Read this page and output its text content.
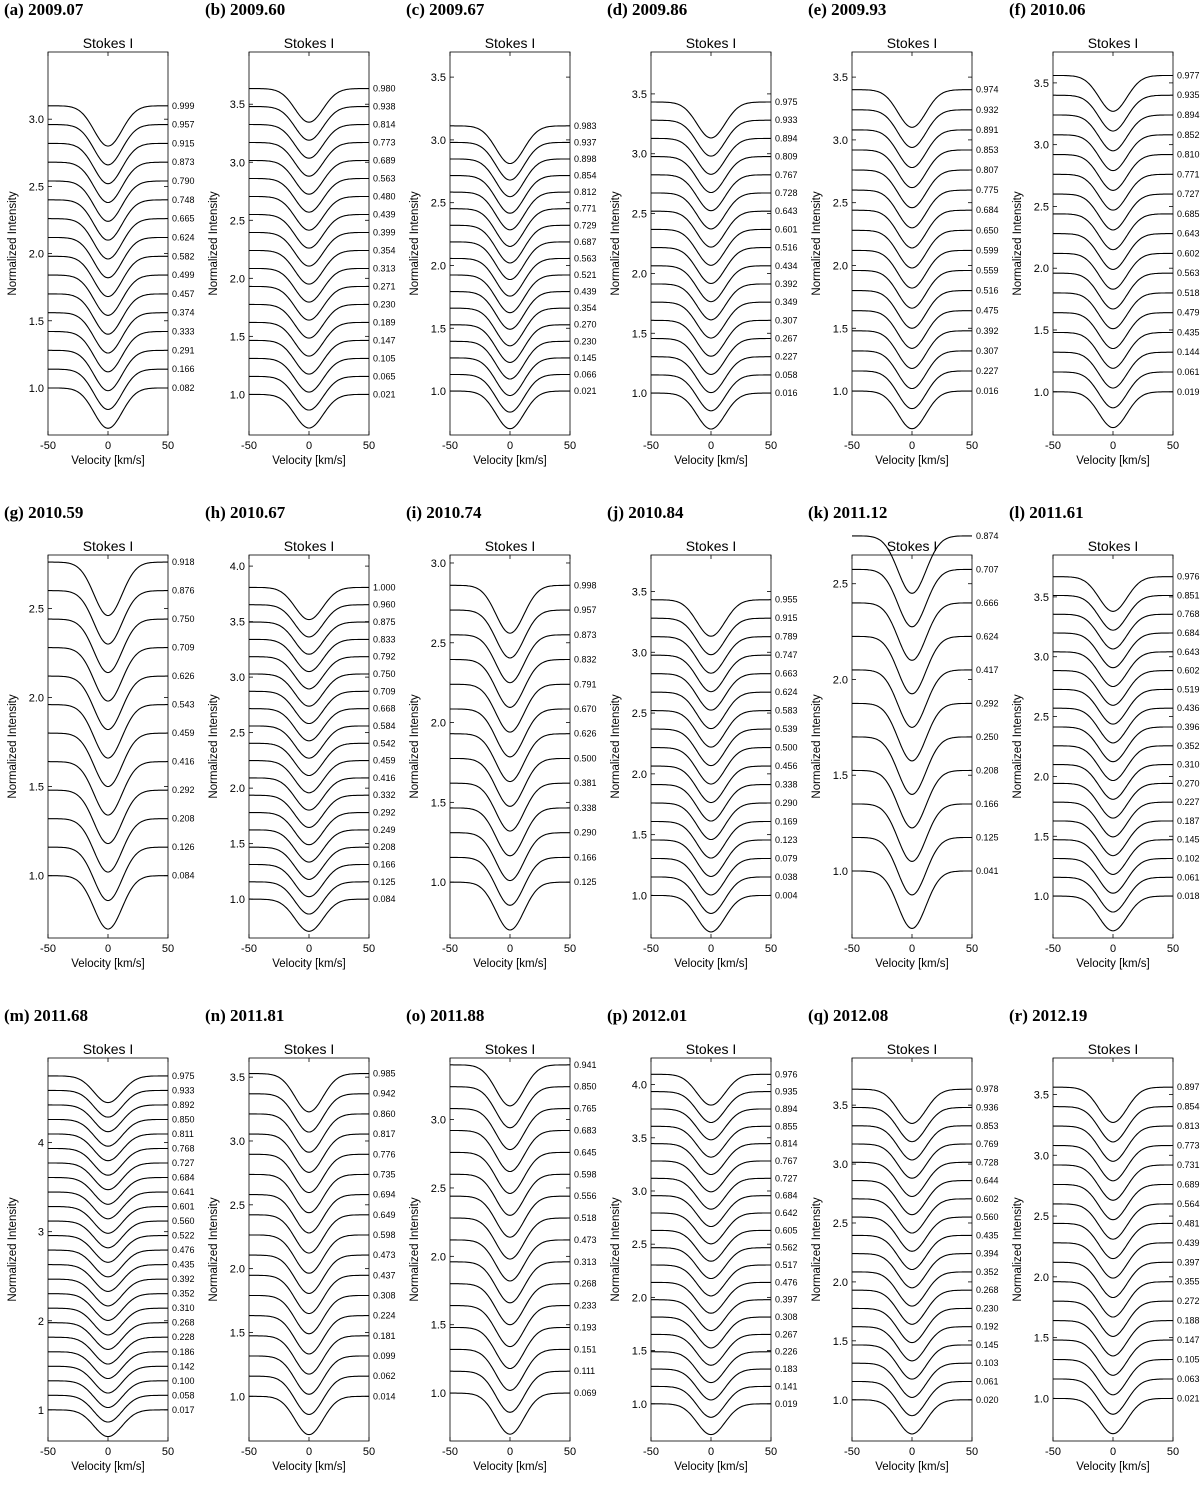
(a) 2009.07
Stokes I
0.999
0.957
0.915
0.873
0.790
0.748
0.665
0.624
0.582
0.499
0.457
0.374
0.333
0.291
0.166
0.082
1.0
1.5
2.0
2.5
3.0
-50	0	50
Velocity [km/s]
Normalized Intensity
(b) 2009.60
Stokes I
0.980
0.938
0.814
0.773
0.689
0.563
0.480
0.439
0.399
0.354
0.313
0.271
0.230
0.189
0.147
0.105
0.065
0.021
1.0
1.5
2.0
2.5
3.0
3.5
-50	0	50
Velocity [km/s]
Normalized Intensity
(c) 2009.67
Stokes I
0.983
0.937
0.898
0.854
0.812
0.771
0.729
0.687
0.563
0.521
0.439
0.354
0.270
0.230
0.145
0.066
0.021
1.0
1.5
2.0
2.5
3.0
3.5
-50	0	50
Velocity [km/s]
Normalized Intensity
(d) 2009.86
Stokes I
0.975
0.933
0.894
0.809
0.767
0.728
0.643
0.601
0.516
0.434
0.392
0.349
0.307
0.267
0.227
0.058
0.016
1.0
1.5
2.0
2.5
3.0
3.5
-50	0	50
Velocity [km/s]
Normalized Intensity
(e) 2009.93
Stokes I
0.974
0.932
0.891
0.853
0.807
0.775
0.684
0.650
0.599
0.559
0.516
0.475
0.392
0.307
0.227
0.016
1.0
1.5
2.0
2.5
3.0
3.5
-50	0	50
Velocity [km/s]
Normalized Intensity
(f) 2010.06
Stokes I
0.977
0.935
0.894
0.852
0.810
0.771
0.727
0.685
0.643
0.602
0.563
0.518
0.479
0.435
0.144
0.061
0.019
1.0
1.5
2.0
2.5
3.0
3.5
-50	0	50
Velocity [km/s]
Normalized Intensity
(g) 2010.59
Stokes I
0.918
0.876
0.750
0.709
0.626
0.543
0.459
0.416
0.292
0.208
0.126
0.084
1.0
1.5
2.0
2.5
-50	0	50
Velocity [km/s]
Normalized Intensity
(h) 2010.67
Stokes I
1.000
0.960
0.875
0.833
0.792
0.750
0.709
0.668
0.584
0.542
0.459
0.416
0.332
0.292
0.249
0.208
0.166
0.125
0.084
1.0
1.5
2.0
2.5
3.0
3.5
4.0
-50	0	50
Velocity [km/s]
Normalized Intensity
(i) 2010.74
Stokes I
0.998
0.957
0.873
0.832
0.791
0.670
0.626
0.500
0.381
0.338
0.290
0.166
0.125
1.0
1.5
2.0
2.5
3.0
-50	0	50
Velocity [km/s]
Normalized Intensity
(j) 2010.84
Stokes I
0.955
0.915
0.789
0.747
0.663
0.624
0.583
0.539
0.500
0.456
0.338
0.290
0.169
0.123
0.079
0.038
0.004
1.0
1.5
2.0
2.5
3.0
3.5
-50	0	50
Velocity [km/s]
Normalized Intensity
(k) 2011.12
Stokes I
0.874
0.707
0.666
0.624
0.417
0.292
0.250
0.208
0.166
0.125
0.041
1.0
1.5
2.0
2.5
-50	0	50
Velocity [km/s]
Normalized Intensity
(l) 2011.61
Stokes I
0.976
0.851
0.768
0.684
0.643
0.602
0.519
0.436
0.396
0.352
0.310
0.270
0.227
0.187
0.145
0.102
0.061
0.018
1.0
1.5
2.0
2.5
3.0
3.5
-50	0	50
Velocity [km/s]
Normalized Intensity
(m) 2011.68
Stokes I
0.975
0.933
0.892
0.850
0.811
0.768
0.727
0.684
0.641
0.601
0.560
0.522
0.476
0.435
0.392
0.352
0.310
0.268
0.228
0.186
0.142
0.100
0.058
0.017
1
2
3
4
-50	0	50
Velocity [km/s]
Normalized Intensity
(n) 2011.81
Stokes I
0.985
0.942
0.860
0.817
0.776
0.735
0.694
0.649
0.598
0.473
0.437
0.308
0.224
0.181
0.099
0.062
0.014
1.0
1.5
2.0
2.5
3.0
3.5
-50	0	50
Velocity [km/s]
Normalized Intensity
(o) 2011.88
Stokes I
0.941
0.850
0.765
0.683
0.645
0.598
0.556
0.518
0.473
0.313
0.268
0.233
0.193
0.151
0.111
0.069
1.0
1.5
2.0
2.5
3.0
-50	0	50
Velocity [km/s]
Normalized Intensity
(p) 2012.01
Stokes I
0.976
0.935
0.894
0.855
0.814
0.767
0.727
0.684
0.642
0.605
0.562
0.517
0.476
0.397
0.308
0.267
0.226
0.183
0.141
0.019
1.0
1.5
2.0
2.5
3.0
3.5
4.0
-50	0	50
Velocity [km/s]
Normalized Intensity
(q) 2012.08
Stokes I
0.978
0.936
0.853
0.769
0.728
0.644
0.602
0.560
0.435
0.394
0.352
0.268
0.230
0.192
0.145
0.103
0.061
0.020
1.0
1.5
2.0
2.5
3.0
3.5
-50	0	50
Velocity [km/s]
Normalized Intensity
(r) 2012.19
Stokes I
0.897
0.854
0.813
0.773
0.731
0.689
0.564
0.481
0.439
0.397
0.355
0.272
0.188
0.147
0.105
0.063
0.021
1.0
1.5
2.0
2.5
3.0
3.5
-50	0	50
Velocity [km/s]
Normalized Intensity
